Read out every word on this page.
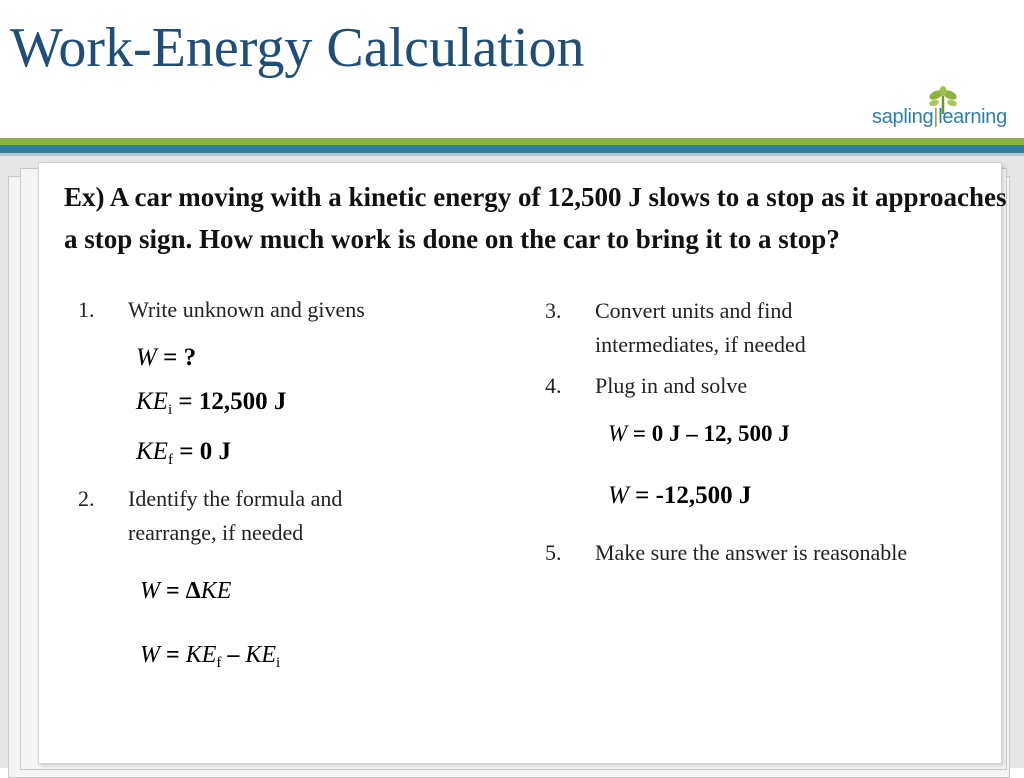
Work-Energy Calculation
sapling|learning
Ex) A car moving with a kinetic energy of 12,500 J slows to a stop as it approaches a stop sign. How much work is done on the car to bring it to a stop?
1. Write unknown and givens
W = ?
$KE_i = 12,500$ J
$KE_f = 0$ J
2. Identify the formula and rearrange, if needed
W = ΔKE
$W = KE_f - KE_i$
3. Convert units and find intermediates, if needed
4. Plug in and solve
W = 0 J – 12, 500 J
W = -12,500 J
5. Make sure the answer is reasonable
